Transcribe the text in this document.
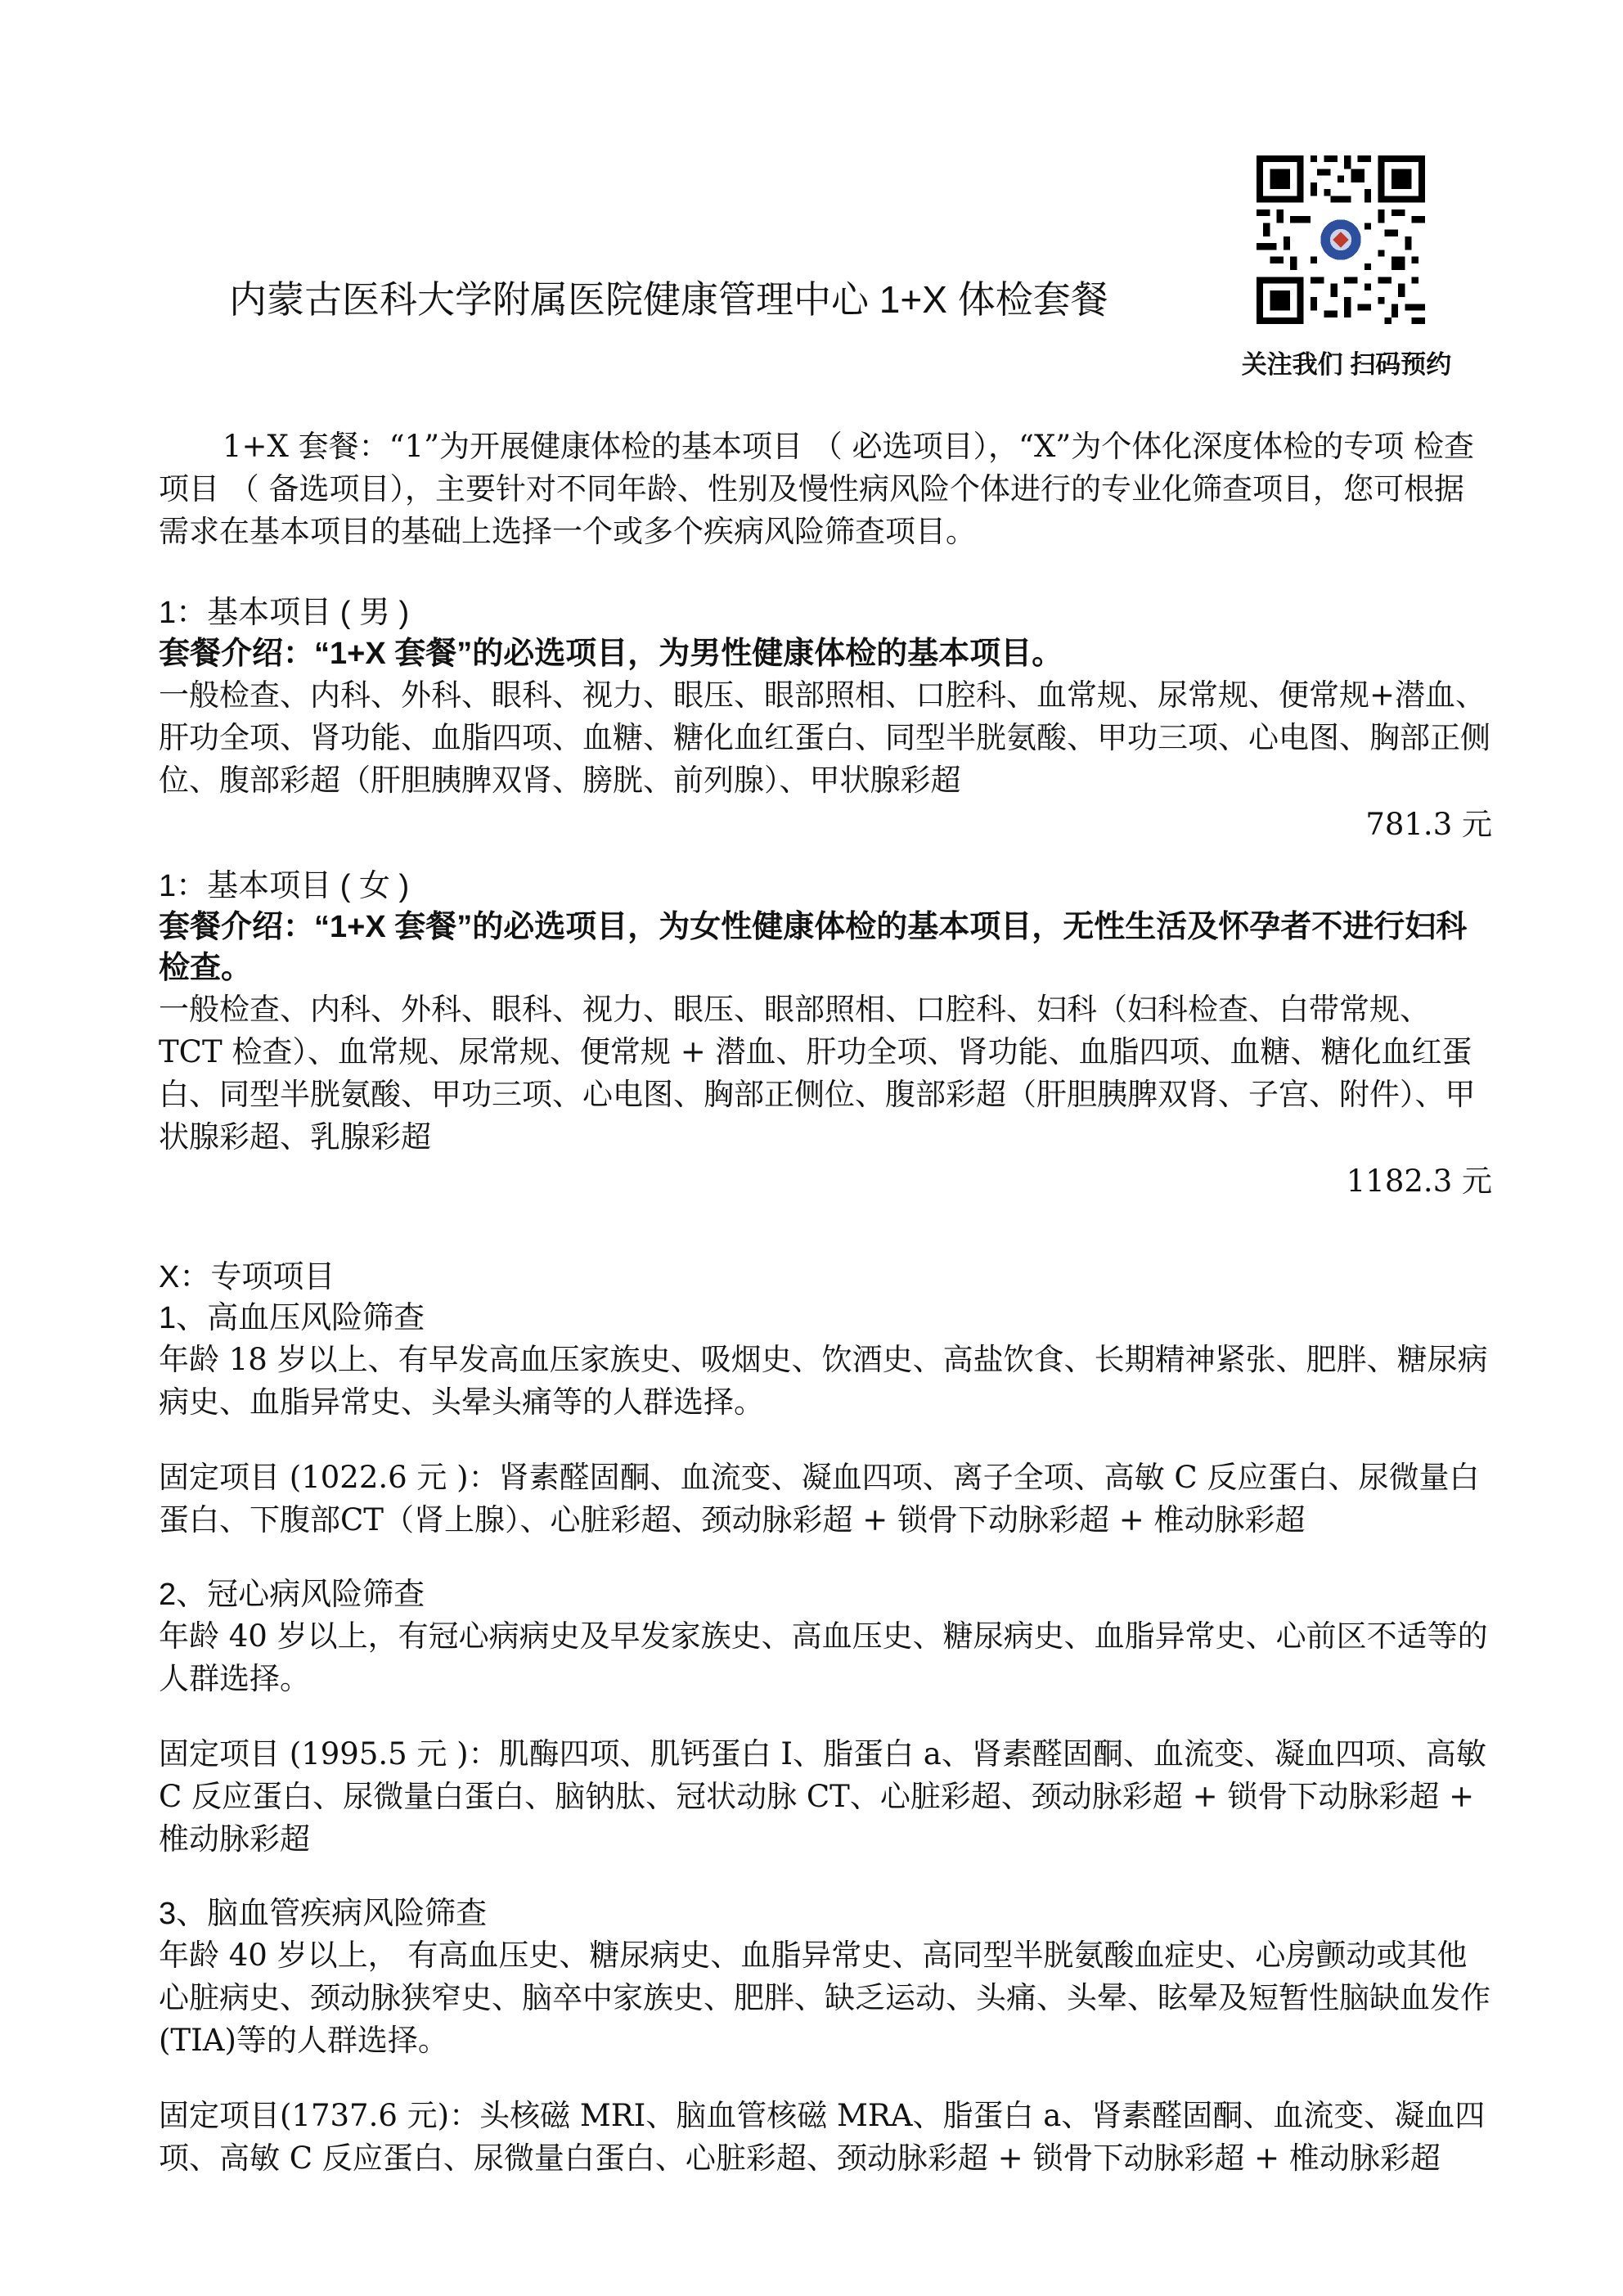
关注我们 扫码预约
内蒙古医科大学附属医院健康管理中心 1+X 体检套餐

1+X 套餐：“1”为开展健康体检的基本项目 （ 必选项目），“X”为个体化深度体检的专项 检查项目 （ 备选项目），主要针对不同年龄、性别及慢性病风险个体进行的专业化筛查项目，您可根据需求在基本项目的基础上选择一个或多个疾病风险筛查项目。

1：基本项目 ( 男 )

套餐介绍：“1+X 套餐”的必选项目，为男性健康体检的基本项目。

一般检查、内科、外科、眼科、视力、眼压、眼部照相、口腔科、血常规、尿常规、便常规+潜血、肝功全项、肾功能、血脂四项、血糖、糖化血红蛋白、同型半胱氨酸、甲功三项、心电图、胸部正侧位、腹部彩超（肝胆胰脾双肾、膀胱、前列腺）、甲状腺彩超

781.3 元

1：基本项目 ( 女 )

套餐介绍：“1+X 套餐”的必选项目，为女性健康体检的基本项目，无性生活及怀孕者不进行妇科检查。

一般检查、内科、外科、眼科、视力、眼压、眼部照相、口腔科、妇科（妇科检查、白带常规、TCT 检查）、血常规、尿常规、便常规 + 潜血、肝功全项、肾功能、血脂四项、血糖、糖化血红蛋白、同型半胱氨酸、甲功三项、心电图、胸部正侧位、腹部彩超（肝胆胰脾双肾、子宫、附件）、甲状腺彩超、乳腺彩超

1182.3 元

X：专项项目

1、高血压风险筛查

年龄 18 岁以上、有早发高血压家族史、吸烟史、饮酒史、高盐饮食、长期精神紧张、肥胖、糖尿病病史、血脂异常史、头晕头痛等的人群选择。

固定项目 (1022.6 元 )：肾素醛固酮、血流变、凝血四项、离子全项、高敏 C 反应蛋白、尿微量白蛋白、下腹部CT（肾上腺）、心脏彩超、颈动脉彩超 + 锁骨下动脉彩超 + 椎动脉彩超

2、冠心病风险筛查

年龄 40 岁以上，有冠心病病史及早发家族史、高血压史、糖尿病史、血脂异常史、心前区不适等的人群选择。

固定项目 (1995.5 元 )：肌酶四项、肌钙蛋白 I、脂蛋白 a、肾素醛固酮、血流变、凝血四项、高敏 C 反应蛋白、尿微量白蛋白、脑钠肽、冠状动脉 CT、心脏彩超、颈动脉彩超 + 锁骨下动脉彩超 + 椎动脉彩超

3、脑血管疾病风险筛查

年龄 40 岁以上， 有高血压史、糖尿病史、血脂异常史、高同型半胱氨酸血症史、心房颤动或其他心脏病史、颈动脉狭窄史、脑卒中家族史、肥胖、缺乏运动、头痛、头晕、眩晕及短暂性脑缺血发作(TIA)等的人群选择。

固定项目(1737.6 元)：头核磁 MRI、脑血管核磁 MRA、脂蛋白 a、肾素醛固酮、血流变、凝血四项、高敏 C 反应蛋白、尿微量白蛋白、心脏彩超、颈动脉彩超 + 锁骨下动脉彩超 + 椎动脉彩超
